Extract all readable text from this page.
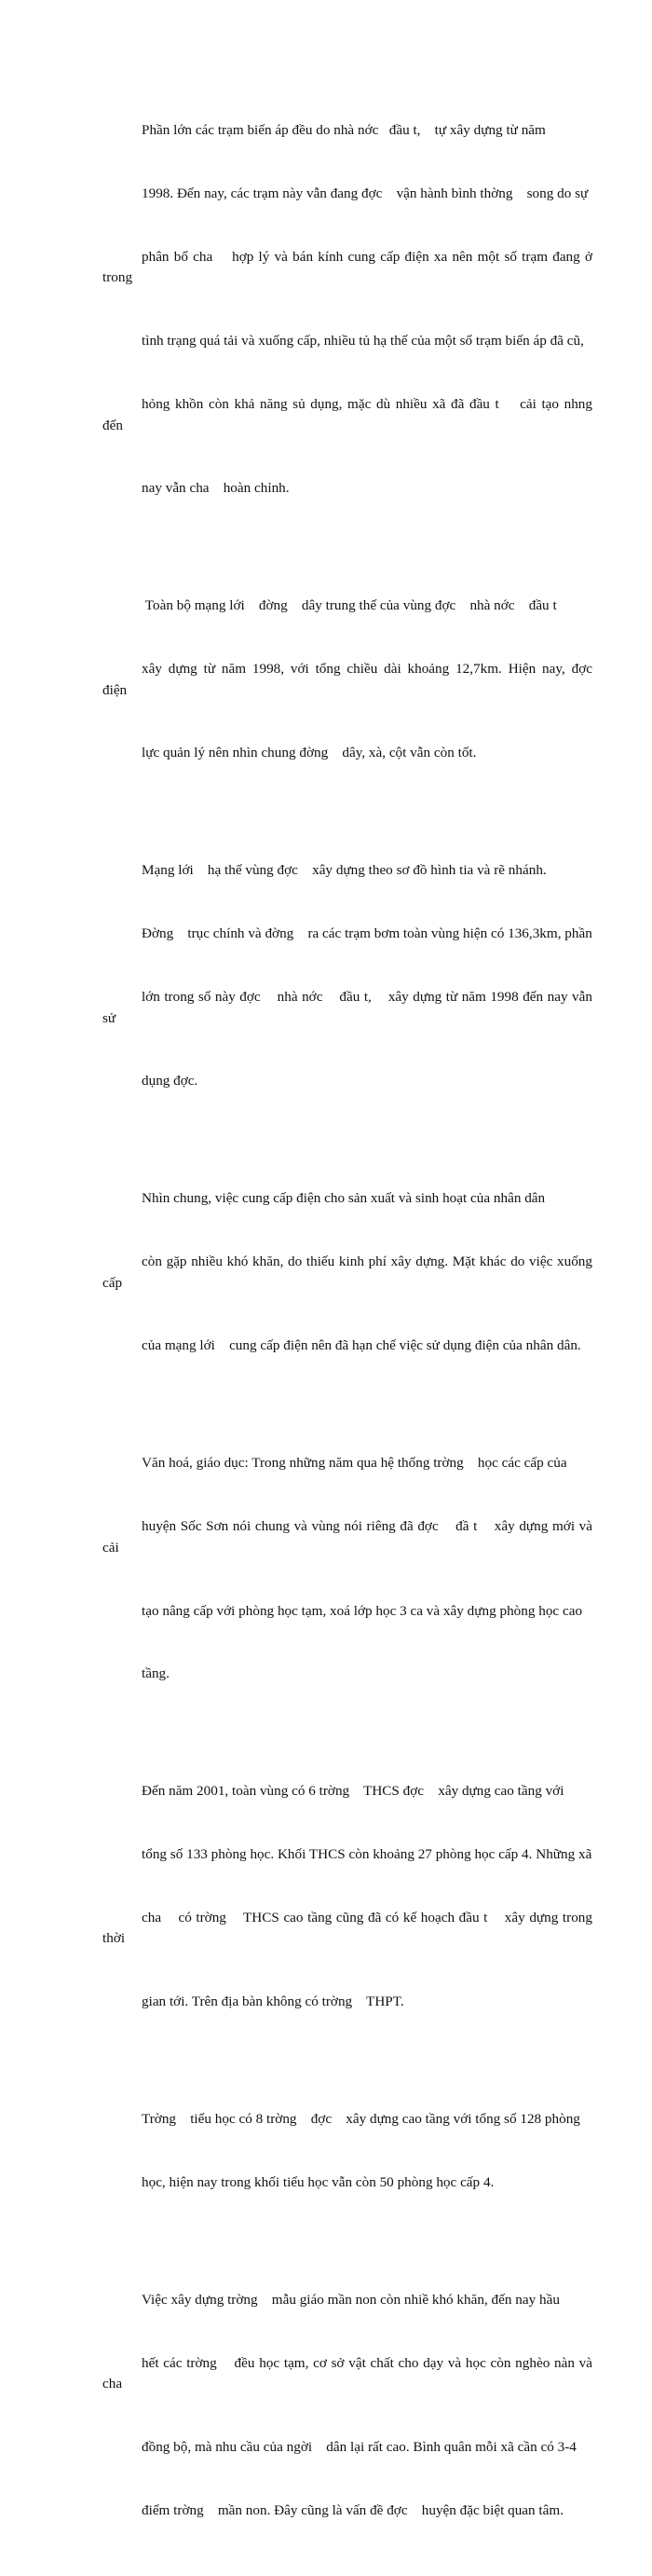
Phần lớn các trạm biến áp đều do nhà nớc   đầu t,    tự xây dựng từ năm

1998. Đến nay, các trạm này vẫn đang đợc    vận hành bình thờng    song do sự

phân bố cha    hợp lý và bán kính cung cấp điện xa nên một số trạm đang ở trong

tình trạng quá tải và xuống cấp, nhiều tủ hạ thế của một số trạm biến áp đã cũ,

hỏng khồn còn khả năng sủ dụng, mặc dù nhiều xã đã đầu t    cải tạo nhng    đến

nay vẫn cha    hoàn chỉnh.

Toàn bộ mạng lới    đờng    dây trung thế của vùng đợc    nhà nớc    đầu t

xây dựng từ năm 1998, với tổng chiều dài khoảng 12,7km. Hiện nay, đợc    điện

lực quản lý nên nhìn chung đờng    dây, xà, cột vẫn còn tốt.

Mạng lới    hạ thế vùng đợc    xây dựng theo sơ đồ hình tia và rẽ nhánh.

Đờng    trục chính và đờng    ra các trạm bơm toàn vùng hiện có 136,3km, phần

lớn trong số này đợc    nhà nớc    đầu t,    xây dựng từ năm 1998 đến nay vẫn sử

dụng đợc.

Nhìn chung, việc cung cấp điện cho sản xuất và sinh hoạt của nhân dân

còn gặp nhiều khó khăn, do thiếu kinh phí xây dựng. Mặt khác do việc xuống cấp

của mạng lới    cung cấp điện nên đã hạn chế việc sử dụng điện của nhân dân.

Văn hoá, giáo dục: Trong những năm qua hệ thống trờng    học các cấp của

huyện Sốc Sơn nói chung và vùng nói riêng đã đợc    đầ t    xây dựng mới và cải

tạo nâng cấp với phòng học tạm, xoá lớp học 3 ca và xây dựng phòng học cao

tầng.

Đến năm 2001, toàn vùng có 6 trờng    THCS đợc    xây dựng cao tầng với

tổng số 133 phòng học. Khối THCS còn khoảng 27 phòng học cấp 4. Những xã

cha    có trờng    THCS cao tầng cũng đã có kế hoạch đầu t    xây dựng trong thời

gian tới. Trên địa bàn không có trờng    THPT.

Trờng    tiểu học có 8 trờng    đợc    xây dựng cao tầng với tổng số 128 phòng

học, hiện nay trong khối tiểu học vẫn còn 50 phòng học cấp 4.

Việc xây dựng trờng    mẫu giáo mần non còn nhiề khó khăn, đến nay hầu

hết các trờng    đều học tạm, cơ sở vật chất cho dạy và học còn nghèo nàn và cha

đồng bộ, mà nhu cầu của ngời    dân lại rất cao. Bình quân mỗi xã cần có 3-4

điểm trờng    mần non. Đây cũng là vấn đề đợc    huyện đặc biệt quan tâm.
